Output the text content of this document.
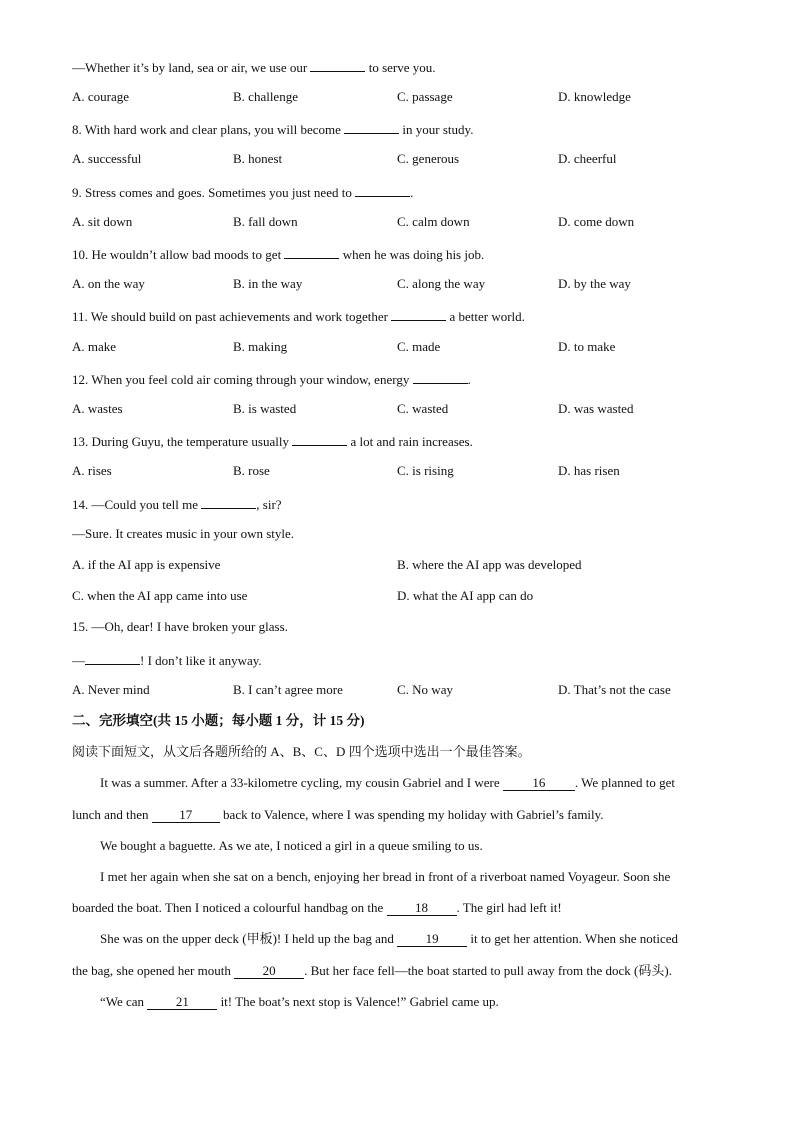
—Whether it’s by land, sea or air, we use our	to serve you.
A. courage	B. challenge	C. passage	D. knowledge
8. With hard work and clear plans, you will become	in your study.
A. successful	B. honest	C. generous	D. cheerful
9. Stress comes and goes. Sometimes you just need to	.
A. sit down	B. fall down	C. calm down	D. come down
10. He wouldn’t allow bad moods to get	when he was doing his job.
A. on the way	B. in the way	C. along the way	D. by the way
11. We should build on past achievements and work together	a better world.
A. make	B. making	C. made	D. to make
12. When you feel cold air coming through your window, energy	.
A. wastes	B. is wasted	C. wasted	D. was wasted
13. During Guyu, the temperature usually	a lot and rain increases.
A. rises	B. rose	C. is rising	D. has risen
14. —Could you tell me	, sir?
—Sure. It creates music in your own style.
A. if the AI app is expensive	B. where the AI app was developed
C. when the AI app came into use	D. what the AI app can do
15. —Oh, dear! I have broken your glass.
—	! I don’t like it anyway.
A. Never mind	B. I can’t agree more	C. No way	D. That’s not the case
二、完形填空(共 15 小题；每小题 1 分，计 15 分)
阅读下面短文，从文后各题所给的 A、B、C、D 四个选项中选出一个最佳答案。
It was a summer. After a 33-kilometre cycling, my cousin Gabriel and I were	16 . We planned to get
lunch and then 17 back to Valence, where I was spending my holiday with Gabriel’s family.
We bought a baguette. As we ate, I noticed a girl in a queue smiling to us.
I met her again when she sat on a bench, enjoying her bread in front of a riverboat named Voyageur. Soon she
boarded the boat. Then I noticed a colourful handbag on the 18 . The girl had left it!
She was on the upper deck (甲板)! I held up the bag and 19 it to get her attention. When she noticed
the bag, she opened her mouth 20 . But her face fell—the boat started to pull away from the dock (码头).
“We can 21 it! The boat’s next stop is Valence!” Gabriel came up.
